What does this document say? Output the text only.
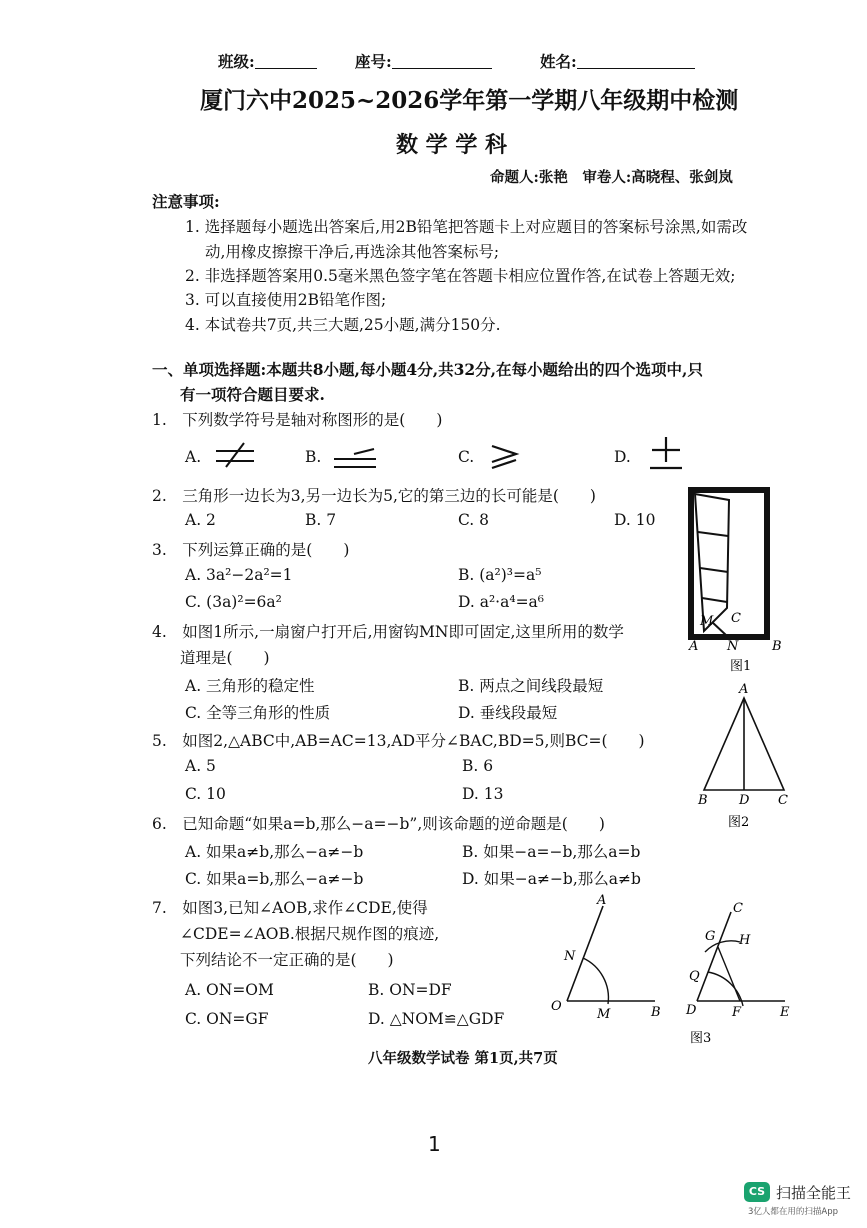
班级:	座号:	姓名:
厦门六中2025~2026学年第一学期八年级期中检测
数 学 学 科
命题人:张艳　审卷人:高晓程、张剑岚
注意事项:
1. 选择题每小题选出答案后,用2B铅笔把答题卡上对应题目的答案标号涂黑,如需改
动,用橡皮擦擦干净后,再选涂其他答案标号;
2. 非选择题答案用0.5毫米黑色签字笔在答题卡相应位置作答,在试卷上答题无效;
3. 可以直接使用2B铅笔作图;
4. 本试卷共7页,共三大题,25小题,满分150分.
一、单项选择题:本题共8小题,每小题4分,共32分,在每小题给出的四个选项中,只
有一项符合题目要求.
1.　下列数学符号是轴对称图形的是(　　)
A.	B.	C.	D.
2.　三角形一边长为3,另一边长为5,它的第三边的长可能是(　　)
A. 2	B. 7	C. 8	D. 10
3.　下列运算正确的是(　　)
A. 3a²−2a²=1	B. (a²)³=a⁵
C. (3a)²=6a²	D. a²·a⁴=a⁶
4.　如图1所示,一扇窗户打开后,用窗钩MN即可固定,这里所用的数学
道理是(　　)
A. 三角形的稳定性	B. 两点之间线段最短
C. 全等三角形的性质	D. 垂线段最短
5.　如图2,△ABC中,AB=AC=13,AD平分∠BAC,BD=5,则BC=(　　)
A. 5	B. 6
C. 10	D. 13
6.　已知命题“如果a=b,那么−a=−b”,则该命题的逆命题是(　　)
A. 如果a≠b,那么−a≠−b	B. 如果−a=−b,那么a=b
C. 如果a=b,那么−a≠−b	D. 如果−a≠−b,那么a≠b
7.　如图3,已知∠AOB,求作∠CDE,使得
∠CDE=∠AOB.根据尺规作图的痕迹,
下列结论不一定正确的是(　　)
A. ON=OM	B. ON=DF
C. ON=GF	D. △NOM≌△GDF
M C
A N	B
图1
A
B D C
图2
A
N
O
M	B
C
G H
Q
D	F	E
图3
八年级数学试卷 第1页,共7页
1
CS 扫描全能王
3亿人都在用的扫描App
